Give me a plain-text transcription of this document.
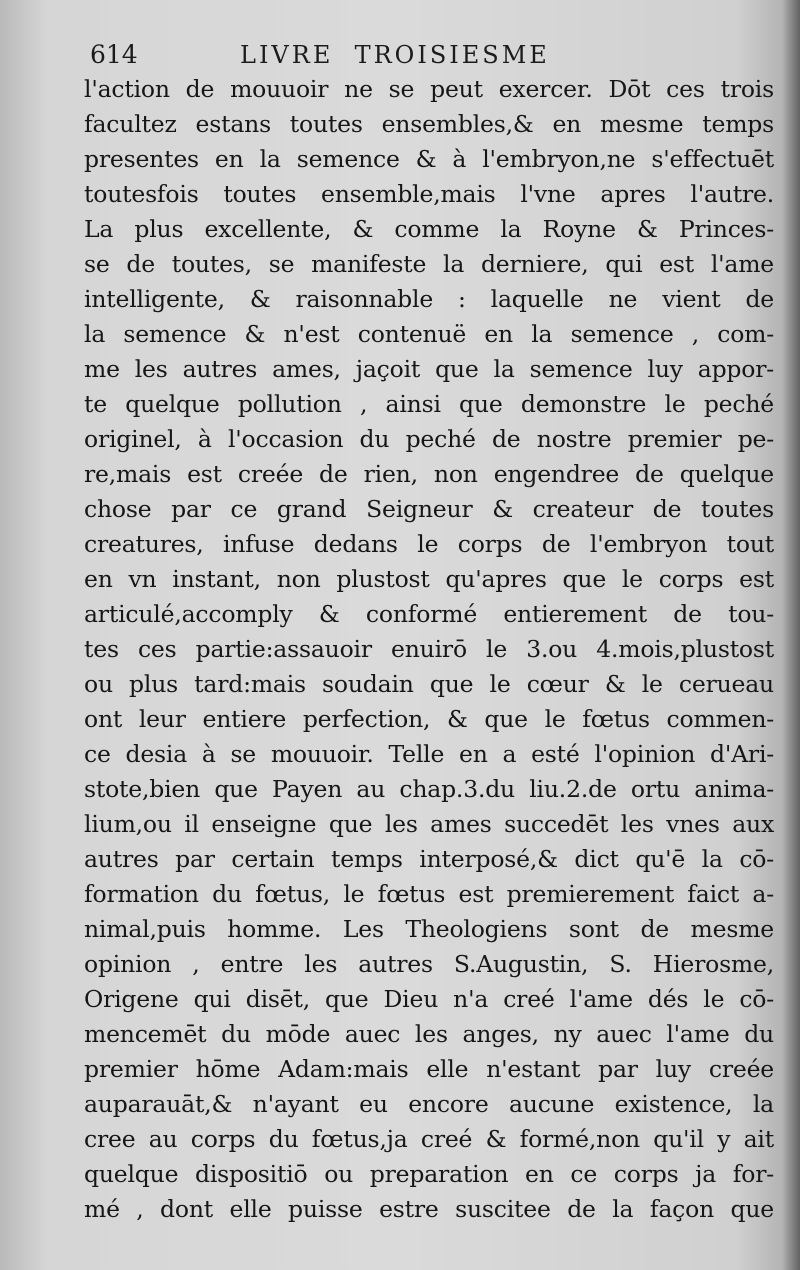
614	LIVRE  TROISIESME
l'action de mouuoir ne se peut exercer. Dōt ces trois
facultez estans toutes ensembles,& en mesme temps
presentes en la semence & à l'embryon,ne s'effectuēt
toutesfois toutes ensemble,mais l'vne apres l'autre.
La plus excellente, & comme la Royne & Princes-
se de toutes, se manifeste la derniere, qui est l'ame
intelligente, & raisonnable : laquelle ne vient de
la semence & n'est contenuë en la semence , com-
me les autres ames, jaçoit que la semence luy appor-
te quelque pollution , ainsi que demonstre le peché
originel, à l'occasion du peché de nostre premier pe-
re,mais est creée de rien, non engendree de quelque
chose par ce grand Seigneur & createur de toutes
creatures, infuse dedans le corps de l'embryon tout
en vn instant, non plustost qu'apres que le corps est
articulé,accomply & conformé entierement de tou-
tes ces partie:assauoir enuirō le 3.ou 4.mois,plustost
ou plus tard:mais soudain que le cœur & le cerueau
ont leur entiere perfection, & que le fœtus commen-
ce desia à se mouuoir. Telle en a esté l'opinion d'Ari-
stote,bien que Payen au chap.3.du liu.2.de ortu anima-
lium,ou il enseigne que les ames succedēt les vnes aux
autres par certain temps interposé,& dict qu'ē la cō-
formation du fœtus, le fœtus est premierement faict a-
nimal,puis homme. Les Theologiens sont de mesme
opinion , entre les autres S.Augustin, S. Hierosme,
Origene qui disēt, que Dieu n'a creé l'ame dés le cō-
mencemēt du mōde auec les anges, ny auec l'ame du
premier hōme Adam:mais elle n'estant par luy creée
auparauāt,& n'ayant eu encore aucune existence, la
cree au corps du fœtus,ja creé & formé,non qu'il y ait
quelque dispositiō ou preparation en ce corps ja for-
mé , dont elle puisse estre suscitee de la façon que
